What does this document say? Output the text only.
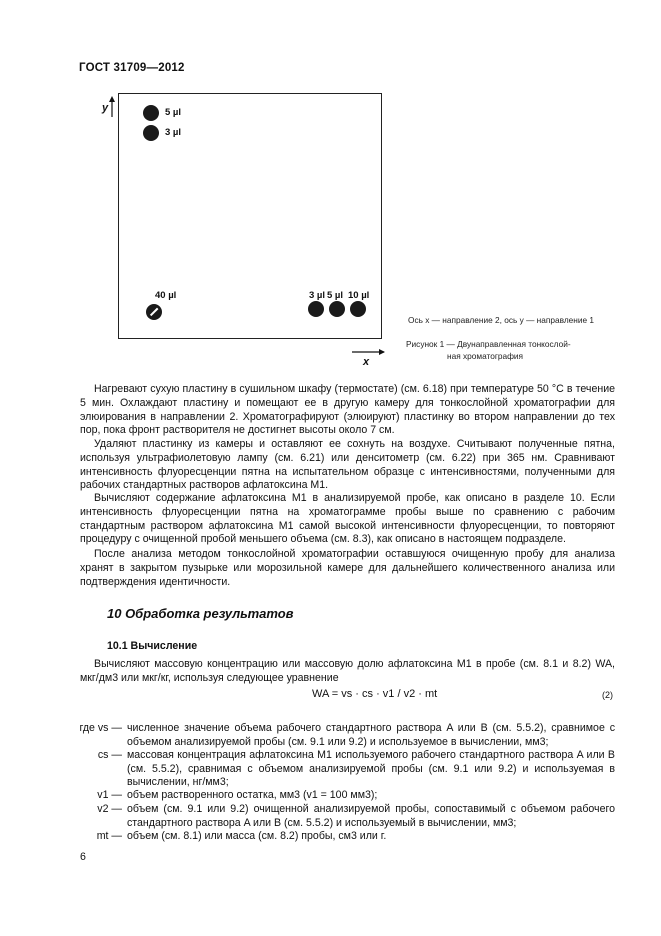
ГОСТ 31709—2012
y	5 µl
3 µl
40 µl	3 µl 5 µl 10 µl
x
Ось x — направление 2, ось y — направление 1
Рисунок 1 — Двунаправленная тонкослой-
ная хроматография
Нагревают сухую пластину в сушильном шкафу (термостате) (см. 6.18) при температуре 50 °C в течение 5 мин. Охлаждают пластину и помещают ее в другую камеру для тонкослойной хроматографии для элюирования в направлении 2. Хроматографируют (элюируют) пластинку во втором направлении до тех пор, пока фронт растворителя не достигнет высоты около 7 см.
Удаляют пластинку из камеры и оставляют ее сохнуть на воздухе. Считывают полученные пятна, используя ультрафиолетовую лампу (см. 6.21) или денситометр (см. 6.22) при 365 нм. Сравнивают интенсивность флуоресценции пятна на испытательном образце с интенсивностями, полученными для рабочих стандартных растворов афлатоксина M1.
Вычисляют содержание афлатоксина M1 в анализируемой пробе, как описано в разделе 10. Если интенсивность флуоресценции пятна на хроматограмме пробы выше по сравнению с рабочим стандартным раствором афлатоксина M1 самой высокой интенсивности флуоресценции, то повторяют процедуру с очищенной пробой меньшего объема (см. 8.3), как описано в настоящем подразделе.
После анализа методом тонкослойной хроматографии оставшуюся очищенную пробу для анализа хранят в закрытом пузырьке или морозильной камере для дальнейшего количественного анализа или подтверждения идентичности.
10 Обработка результатов
10.1 Вычисление
Вычисляют массовую концентрацию или массовую долю афлатоксина M1 в пробе (см. 8.1 и 8.2) WA, мкг/дм3 или мкг/кг, используя следующее уравнение
WA = vs · cs · v1 / v2 · mt	(2)
где vs — численное значение объема рабочего стандартного раствора A или B (см. 5.5.2), сравнимое с объемом анализируемой пробы (см. 9.1 или 9.2) и используемое в вычислении, мм3;
cs — массовая концентрация афлатоксина M1 используемого рабочего стандартного раствора A или B (см. 5.5.2), сравнимая с объемом анализируемой пробы (см. 9.1 или 9.2) и используемая в вычислении, нг/мм3;
v1 — объем растворенного остатка, мм3 (v1 = 100 мм3);
v2 — объем (см. 9.1 или 9.2) очищенной анализируемой пробы, сопоставимый с объемом рабочего стандартного раствора A или B (см. 5.5.2) и используемый в вычислении, мм3;
mt — объем (см. 8.1) или масса (см. 8.2) пробы, см3 или г.
6
